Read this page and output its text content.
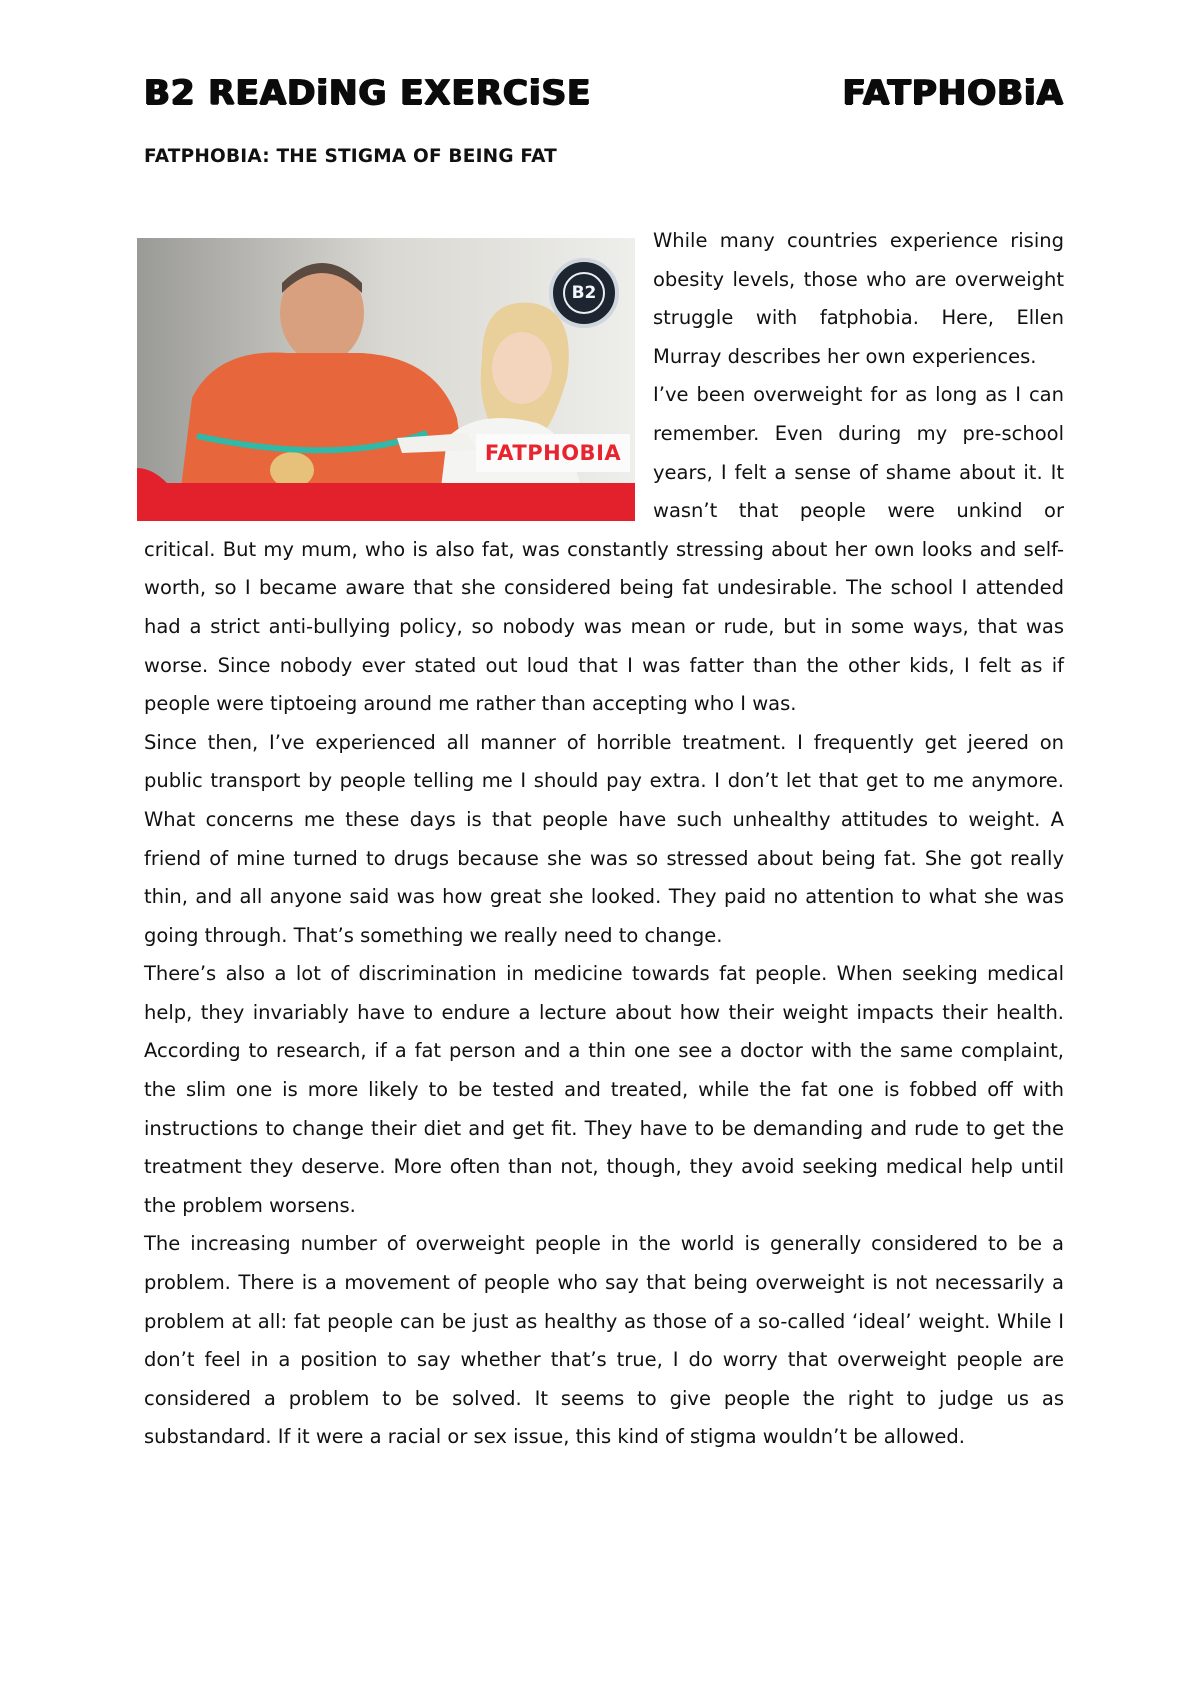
B2 READiNG EXERCiSE	FATPHOBiA
FATPHOBIA: THE STIGMA OF BEING FAT
B2
FATPHOBIA

While many countries experience rising obesity levels, those who are overweight struggle with fatphobia. Here, Ellen Murray describes her own experiences.

I’ve been overweight for as long as I can remember. Even during my pre-school years, I felt a sense of shame about it. It wasn’t that people were unkind or critical. But my mum, who is also fat, was constantly stressing about her own looks and self-worth, so I became aware that she considered being fat undesirable. The school I attended had a strict anti-bullying policy, so nobody was mean or rude, but in some ways, that was worse. Since nobody ever stated out loud that I was fatter than the other kids, I felt as if people were tiptoeing around me rather than accepting who I was.

Since then, I’ve experienced all manner of horrible treatment. I frequently get jeered on public transport by people telling me I should pay extra. I don’t let that get to me anymore. What concerns me these days is that people have such unhealthy attitudes to weight. A friend of mine turned to drugs because she was so stressed about being fat. She got really thin, and all anyone said was how great she looked. They paid no attention to what she was going through. That’s something we really need to change.

There’s also a lot of discrimination in medicine towards fat people. When seeking medical help, they invariably have to endure a lecture about how their weight impacts their health. According to research, if a fat person and a thin one see a doctor with the same complaint, the slim one is more likely to be tested and treated, while the fat one is fobbed off with instructions to change their diet and get fit. They have to be demanding and rude to get the treatment they deserve. More often than not, though, they avoid seeking medical help until the problem worsens.

The increasing number of overweight people in the world is generally considered to be a problem. There is a movement of people who say that being overweight is not necessarily a problem at all: fat people can be just as healthy as those of a so-called ‘ideal’ weight. While I don’t feel in a position to say whether that’s true, I do worry that overweight people are considered a problem to be solved. It seems to give people the right to judge us as substandard. If it were a racial or sex issue, this kind of stigma wouldn’t be allowed.
